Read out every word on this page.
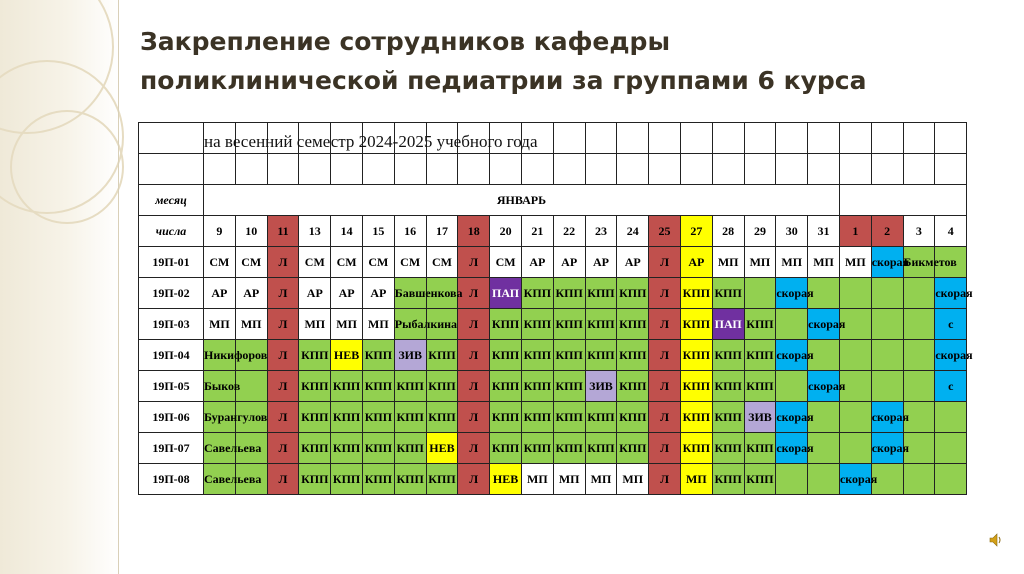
Закрепление сотрудников кафедры
поликлинической педиатрии за группами 6 курса
на весенний семестр 2024-2025 учебного года

месяц	ЯНВАРЬ																							
числа	9	10	11	13	14	15	16	17	18	20	21	22	23	24	25	27	28	29	30	31	1	2	3	4
19П-01	СМ	СМ	Л	СМ	СМ	СМ	СМ	СМ	Л	СМ	АР	АР	АР	АР	Л	АР	МП	МП	МП	МП	МП	скорая	Бикметов	
19П-02	АР	АР	Л	АР	АР	АР	Бавшенкова		Л	ПАП	КПП	КПП	КПП	КПП	Л	КПП	КПП		скорая					скорая
19П-03	МП	МП	Л	МП	МП	МП	Рыбалкина		Л	КПП	КПП	КПП	КПП	КПП	Л	КПП	ПАП	КПП		скорая				с
19П-04	Никифоров		Л	КПП	НЕВ	КПП	ЗИВ	КПП	Л	КПП	КПП	КПП	КПП	КПП	Л	КПП	КПП	КПП	скорая					скорая
19П-05	Быков		Л	КПП	КПП	КПП	КПП	КПП	Л	КПП	КПП	КПП	ЗИВ	КПП	Л	КПП	КПП	КПП		скорая				с
19П-06	Бурангулов		Л	КПП	КПП	КПП	КПП	КПП	Л	КПП	КПП	КПП	КПП	КПП	Л	КПП	КПП	ЗИВ	скорая			скорая		
19П-07	Савельева		Л	КПП	КПП	КПП	КПП	НЕВ	Л	КПП	КПП	КПП	КПП	КПП	Л	КПП	КПП	КПП	скорая			скорая		
19П-08	Савельева		Л	КПП	КПП	КПП	КПП	КПП	Л	НЕВ	МП	МП	МП	МП	Л	МП	КПП	КПП			скорая			
